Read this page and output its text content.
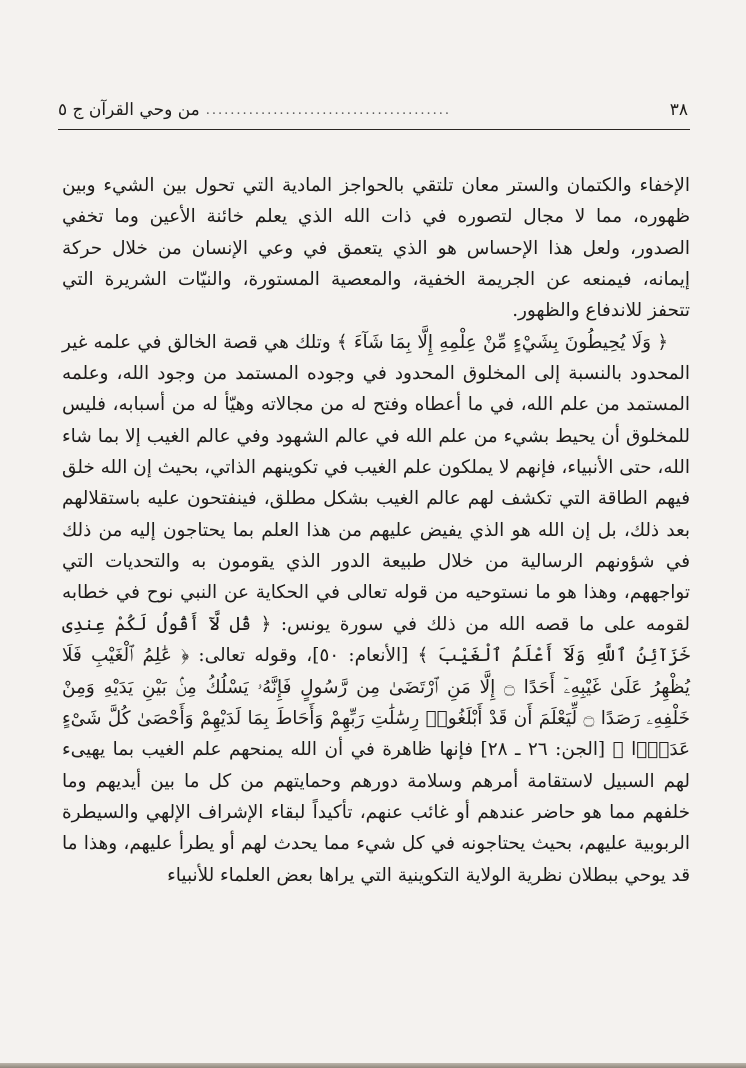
٣٨
........................................
من وحي القرآن ج ٥

الإخفاء والكتمان والستر معان تلتقي بالحواجز المادية التي تحول بين الشيء وبين ظهوره، مما لا مجال لتصوره في ذات الله الذي يعلم خائنة الأعين وما تخفي الصدور، ولعل هذا الإحساس هو الذي يتعمق في وعي الإنسان من خلال حركة إيمانه، فيمنعه عن الجريمة الخفية، والمعصية المستورة، والنيّات الشريرة التي تتحفز للاندفاع والظهور.

﴿ وَلَا يُحِيطُونَ بِشَيْءٍ مِّنْ عِلْمِهِ إِلَّا بِمَا شَآءَ ﴾ وتلك هي قصة الخالق في علمه غير المحدود بالنسبة إلى المخلوق المحدود في وجوده المستمد من وجود الله، وعلمه المستمد من علم الله، في ما أعطاه وفتح له من مجالاته وهيّأ له من أسبابه، فليس للمخلوق أن يحيط بشيء من علم الله في عالم الشهود وفي عالم الغيب إلا بما شاء الله، حتى الأنبياء، فإنهم لا يملكون علم الغيب في تكوينهم الذاتي، بحيث إن الله خلق فيهم الطاقة التي تكشف لهم عالم الغيب بشكل مطلق، فينفتحون عليه باستقلالهم بعد ذلك، بل إن الله هو الذي يفيض عليهم من هذا العلم بما يحتاجون إليه من ذلك في شؤونهم الرسالية من خلال طبيعة الدور الذي يقومون به والتحديات التي تواجههم، وهذا هو ما نستوحيه من قوله تعالى في الحكاية عن النبي نوح في خطابه لقومه على ما قصه الله من ذلك في سورة يونس: ﴿ قُل لَّآ أَقُولُ لَكُمْ عِندِى خَزَآئِنُ ٱللَّهِ وَلَآ أَعْلَمُ ٱلْغَيْبَ ﴾ [الأنعام: ٥٠]، وقوله تعالى: ﴿ عَٰلِمُ ٱلْغَيْبِ فَلَا يُظْهِرُ عَلَىٰ غَيْبِهِۦٓ أَحَدًا ۝ إِلَّا مَنِ ٱرْتَضَىٰ مِن رَّسُولٍ فَإِنَّهُۥ يَسْلُكُ مِنۢ بَيْنِ يَدَيْهِ وَمِنْ خَلْفِهِۦ رَصَدًا ۝ لِّيَعْلَمَ أَن قَدْ أَبْلَغُوا۟ رِسَٰلَٰتِ رَبِّهِمْ وَأَحَاطَ بِمَا لَدَيْهِمْ وَأَحْصَىٰ كُلَّ شَىْءٍ عَدَدًۢا ﴾ [الجن: ٢٦ ـ ٢٨] فإنها ظاهرة في أن الله يمنحهم علم الغيب بما يهيىء لهم السبيل لاستقامة أمرهم وسلامة دورهم وحمايتهم من كل ما بين أيديهم وما خلفهم مما هو حاضر عندهم أو غائب عنهم، تأكيداً لبقاء الإشراف الإلهي والسيطرة الربوبية عليهم، بحيث يحتاجونه في كل شيء مما يحدث لهم أو يطرأ عليهم، وهذا ما قد يوحي ببطلان نظرية الولاية التكوينية التي يراها بعض العلماء للأنبياء
